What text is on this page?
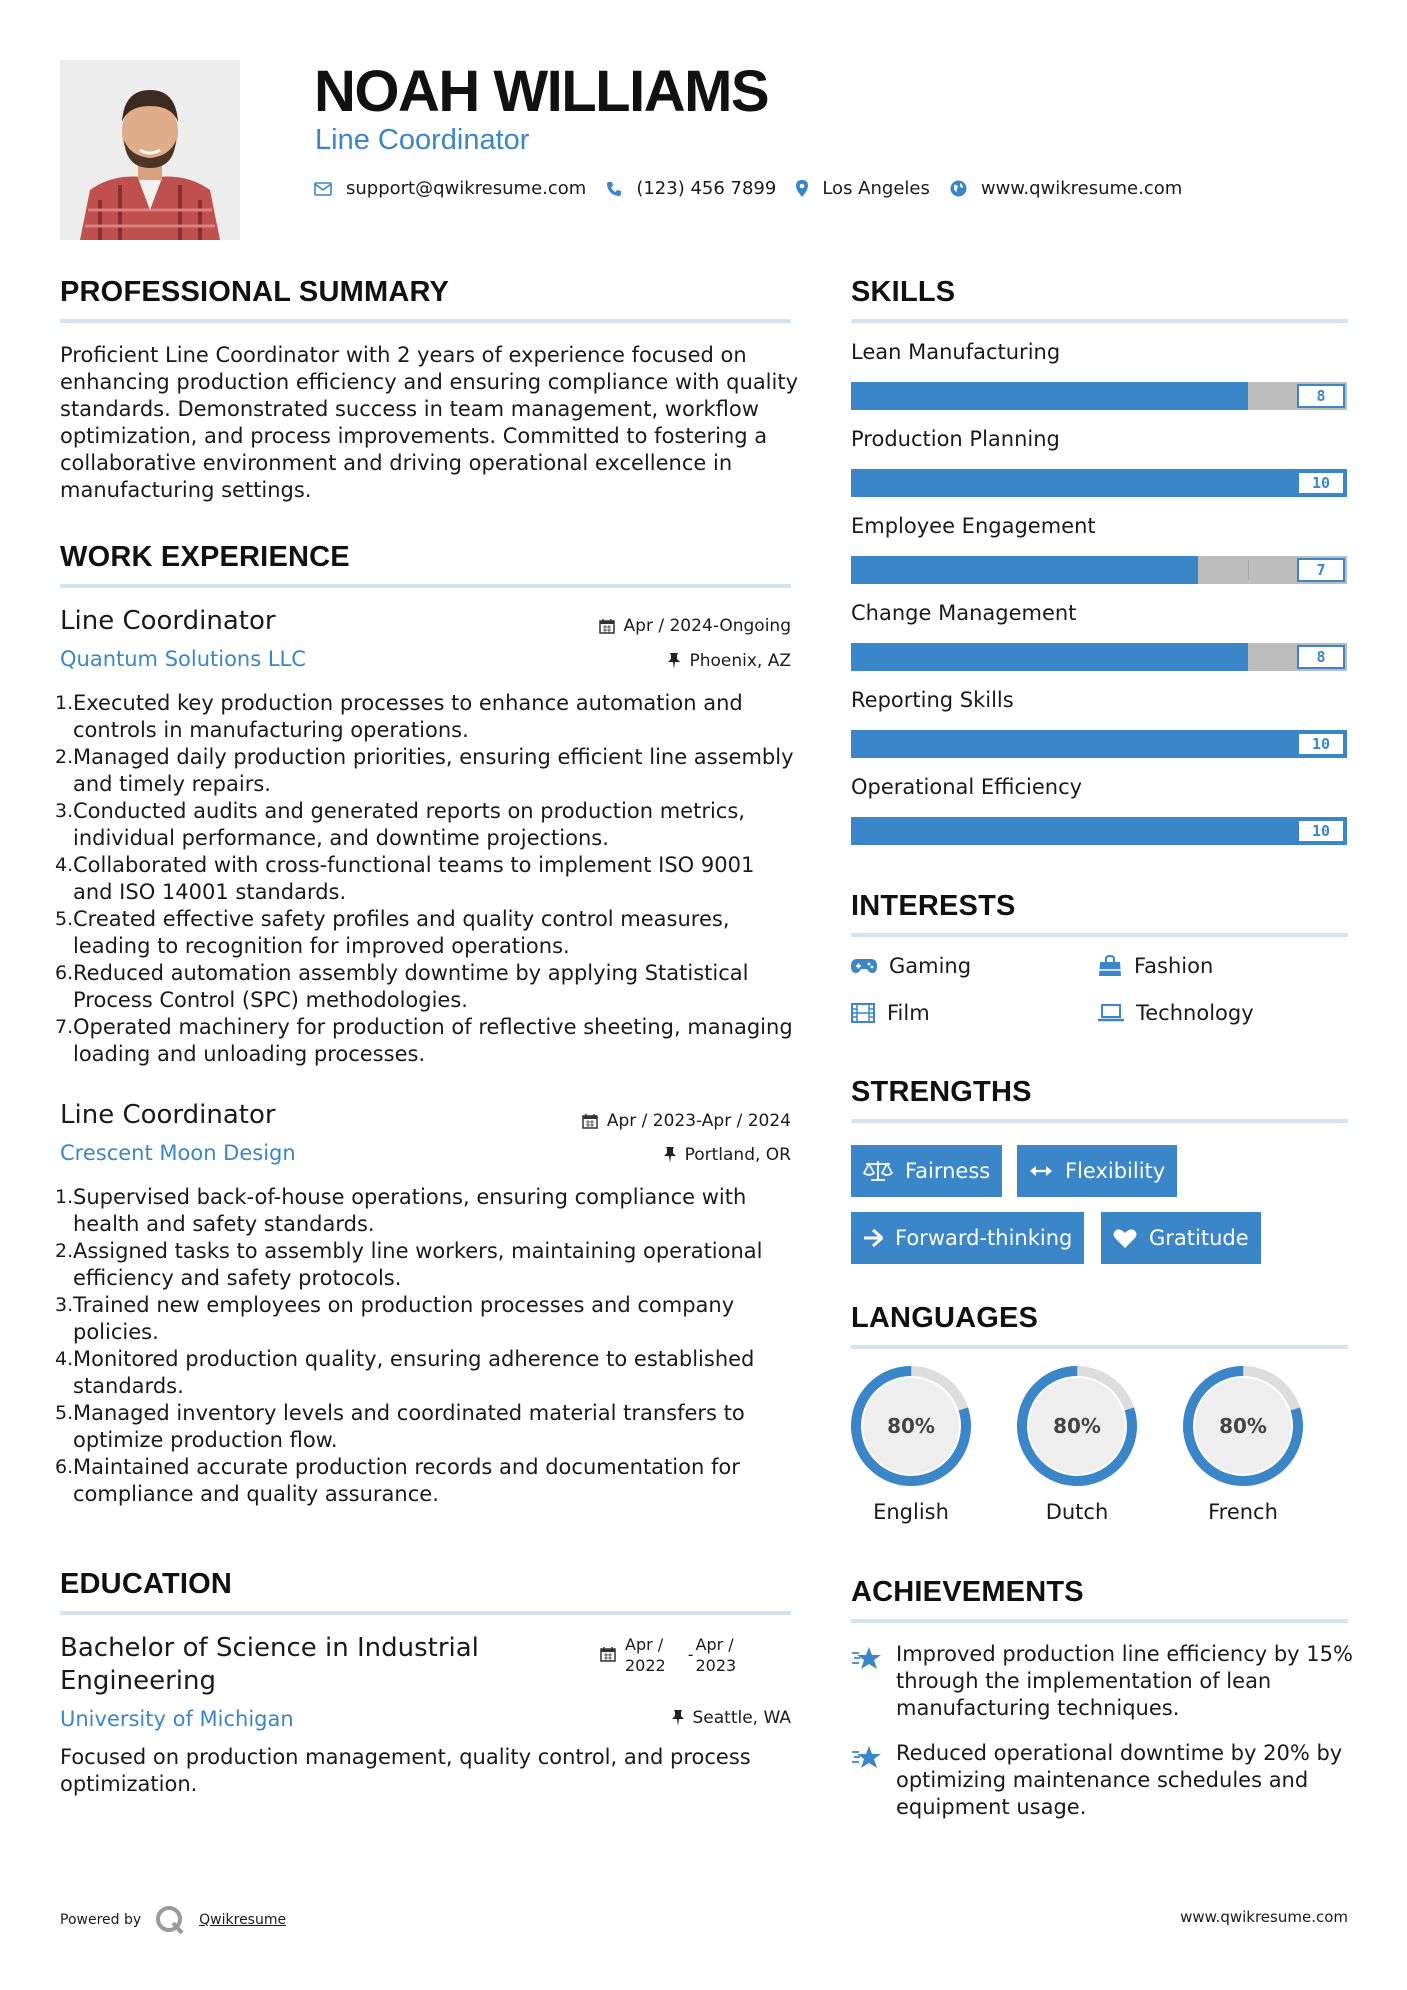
NOAH WILLIAMS
Line Coordinator
support@qwikresume.com	(123) 456 7899	Los Angeles	www.qwikresume.com
PROFESSIONAL SUMMARY
Proficient Line Coordinator with 2 years of experience focused on
enhancing production efficiency and ensuring compliance with quality
standards. Demonstrated success in team management, workflow
optimization, and process improvements. Committed to fostering a
collaborative environment and driving operational excellence in
manufacturing settings.
WORK EXPERIENCE
Line Coordinator	Apr / 2024-Ongoing
Quantum Solutions LLC	Phoenix, AZ
1. Executed key production processes to enhance automation and
controls in manufacturing operations.
2. Managed daily production priorities, ensuring efficient line assembly
and timely repairs.
3. Conducted audits and generated reports on production metrics,
individual performance, and downtime projections.
4. Collaborated with cross-functional teams to implement ISO 9001
and ISO 14001 standards.
5. Created effective safety profiles and quality control measures,
leading to recognition for improved operations.
6. Reduced automation assembly downtime by applying Statistical
Process Control (SPC) methodologies.
7. Operated machinery for production of reflective sheeting, managing
loading and unloading processes.
Line Coordinator	Apr / 2023-Apr / 2024
Crescent Moon Design	Portland, OR
1. Supervised back-of-house operations, ensuring compliance with
health and safety standards.
2. Assigned tasks to assembly line workers, maintaining operational
efficiency and safety protocols.
3. Trained new employees on production processes and company
policies.
4. Monitored production quality, ensuring adherence to established
standards.
5. Managed inventory levels and coordinated material transfers to
optimize production flow.
6. Maintained accurate production records and documentation for
compliance and quality assurance.
EDUCATION
Bachelor of Science in Industrial
Engineering
Apr /
2022
-
Apr /
2023
University of Michigan	Seattle, WA
Focused on production management, quality control, and process
optimization.
SKILLS
Lean Manufacturing
8
Production Planning
10
Employee Engagement
7
Change Management
8
Reporting Skills
10
Operational Efficiency
10
INTERESTS
Gaming	Fashion
Film	Technology
STRENGTHS
Fairness	Flexibility
Forward-thinking	Gratitude
LANGUAGES
80%
English
80%
Dutch
80%
French
ACHIEVEMENTS
Improved production line efficiency by 15%
through the implementation of lean
manufacturing techniques.
Reduced operational downtime by 20% by
optimizing maintenance schedules and
equipment usage.
Powered by	Qwikresume	www.qwikresume.com
